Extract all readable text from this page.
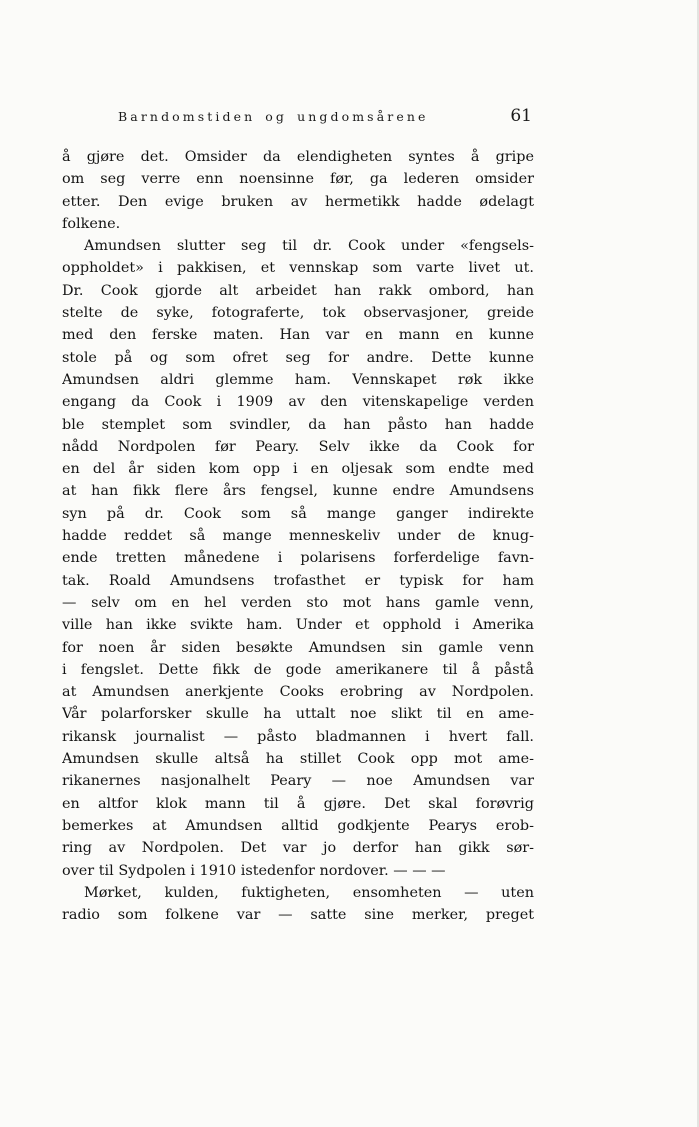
Barndomstiden og ungdomsårene	61
å gjøre det. Omsider da elendigheten syntes å gripe
om seg verre enn noensinne før, ga lederen omsider
etter. Den evige bruken av hermetikk hadde ødelagt
folkene.
Amundsen slutter seg til dr. Cook under «fengsels-
oppholdet» i pakkisen, et vennskap som varte livet ut.
Dr. Cook gjorde alt arbeidet han rakk ombord, han
stelte de syke, fotograferte, tok observasjoner, greide
med den ferske maten. Han var en mann en kunne
stole på og som ofret seg for andre. Dette kunne
Amundsen aldri glemme ham. Vennskapet røk ikke
engang da Cook i 1909 av den vitenskapelige verden
ble stemplet som svindler, da han påsto han hadde
nådd Nordpolen før Peary. Selv ikke da Cook for
en del år siden kom opp i en oljesak som endte med
at han fikk flere års fengsel, kunne endre Amundsens
syn på dr. Cook som så mange ganger indirekte
hadde reddet så mange menneskeliv under de knug-
ende tretten månedene i polarisens forferdelige favn-
tak. Roald Amundsens trofasthet er typisk for ham
— selv om en hel verden sto mot hans gamle venn,
ville han ikke svikte ham. Under et opphold i Amerika
for noen år siden besøkte Amundsen sin gamle venn
i fengslet. Dette fikk de gode amerikanere til å påstå
at Amundsen anerkjente Cooks erobring av Nordpolen.
Vår polarforsker skulle ha uttalt noe slikt til en ame-
rikansk journalist — påsto bladmannen i hvert fall.
Amundsen skulle altså ha stillet Cook opp mot ame-
rikanernes nasjonalhelt Peary — noe Amundsen var
en altfor klok mann til å gjøre. Det skal forøvrig
bemerkes at Amundsen alltid godkjente Pearys erob-
ring av Nordpolen. Det var jo derfor han gikk sør-
over til Sydpolen i 1910 istedenfor nordover. — — —
Mørket, kulden, fuktigheten, ensomheten — uten
radio som folkene var — satte sine merker, preget
